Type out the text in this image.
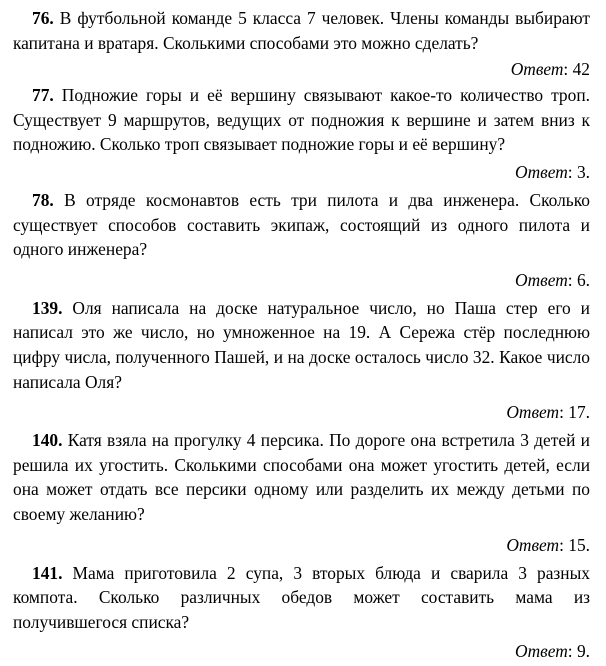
76. В футбольной команде 5 класса 7 человек. Члены команды выбирают капитана и вратаря. Сколькими способами это можно сделать?

Ответ: 42

77. Подножие горы и её вершину связывают какое-то количество троп. Существует 9 маршрутов, ведущих от подножия к вершине и затем вниз к подножию. Сколько троп связывает подножие горы и её вершину?

Ответ: 3.

78. В отряде космонавтов есть три пилота и два инженера. Сколько существует способов составить экипаж, состоящий из одного пилота и одного инженера?

Ответ: 6.

139. Оля написала на доске натуральное число, но Паша стер его и написал это же число, но умноженное на 19. А Сережа стёр последнюю цифру числа, полученного Пашей, и на доске осталось число 32. Какое число написала Оля?

Ответ: 17.

140. Катя взяла на прогулку 4 персика. По дороге она встретила 3 детей и решила их угостить. Сколькими способами она может угостить детей, если она может отдать все персики одному или разделить их между детьми по своему желанию?

Ответ: 15.

141. Мама приготовила 2 супа, 3 вторых блюда и сварила 3 разных компота. Сколько различных обедов может составить мама из получившегося списка?

Ответ: 9.
